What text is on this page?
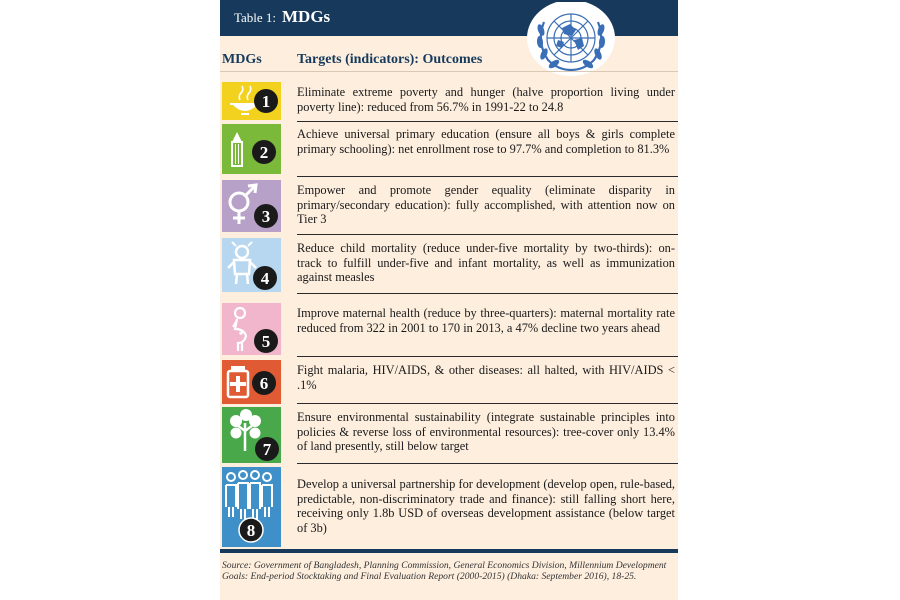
Table 1: MDGs
MDGs	Targets (indicators): Outcomes
1 Eliminate extreme poverty and hunger (halve proportion living under poverty line): reduced from 56.7% in 1991-22 to 24.8
2
Achieve universal primary education (ensure all boys & girls complete primary schooling): net enrollment rose to 97.7% and completion to 81.3%
3
Empower and promote gender equality (eliminate disparity in primary/secondary education): fully accomplished, with attention now on Tier 3
4
Reduce child mortality (reduce under-five mortality by two-thirds): on-track to fulfill under-five and infant mortality, as well as immunization against measles
5
Improve maternal health (reduce by three-quarters): maternal mortality rate reduced from 322 in 2001 to 170 in 2013, a 47% decline two years ahead
6
Fight malaria, HIV/AIDS, & other diseases: all halted, with HIV/AIDS < .1%
7
Ensure environmental sustainability (integrate sustainable principles into policies & reverse loss of environmental resources): tree-cover only 13.4% of land presently, still below target
8
Develop a universal partnership for development (develop open, rule-based, predictable, non-discriminatory trade and finance): still falling short here, receiving only 1.8b USD of overseas development assistance (below target of 3b)
Source: Government of Bangladesh, Planning Commission, General Economics Division, Millennium Development Goals: End-period Stocktaking and Final Evaluation Report (2000-2015) (Dhaka: September 2016), 18-25.
